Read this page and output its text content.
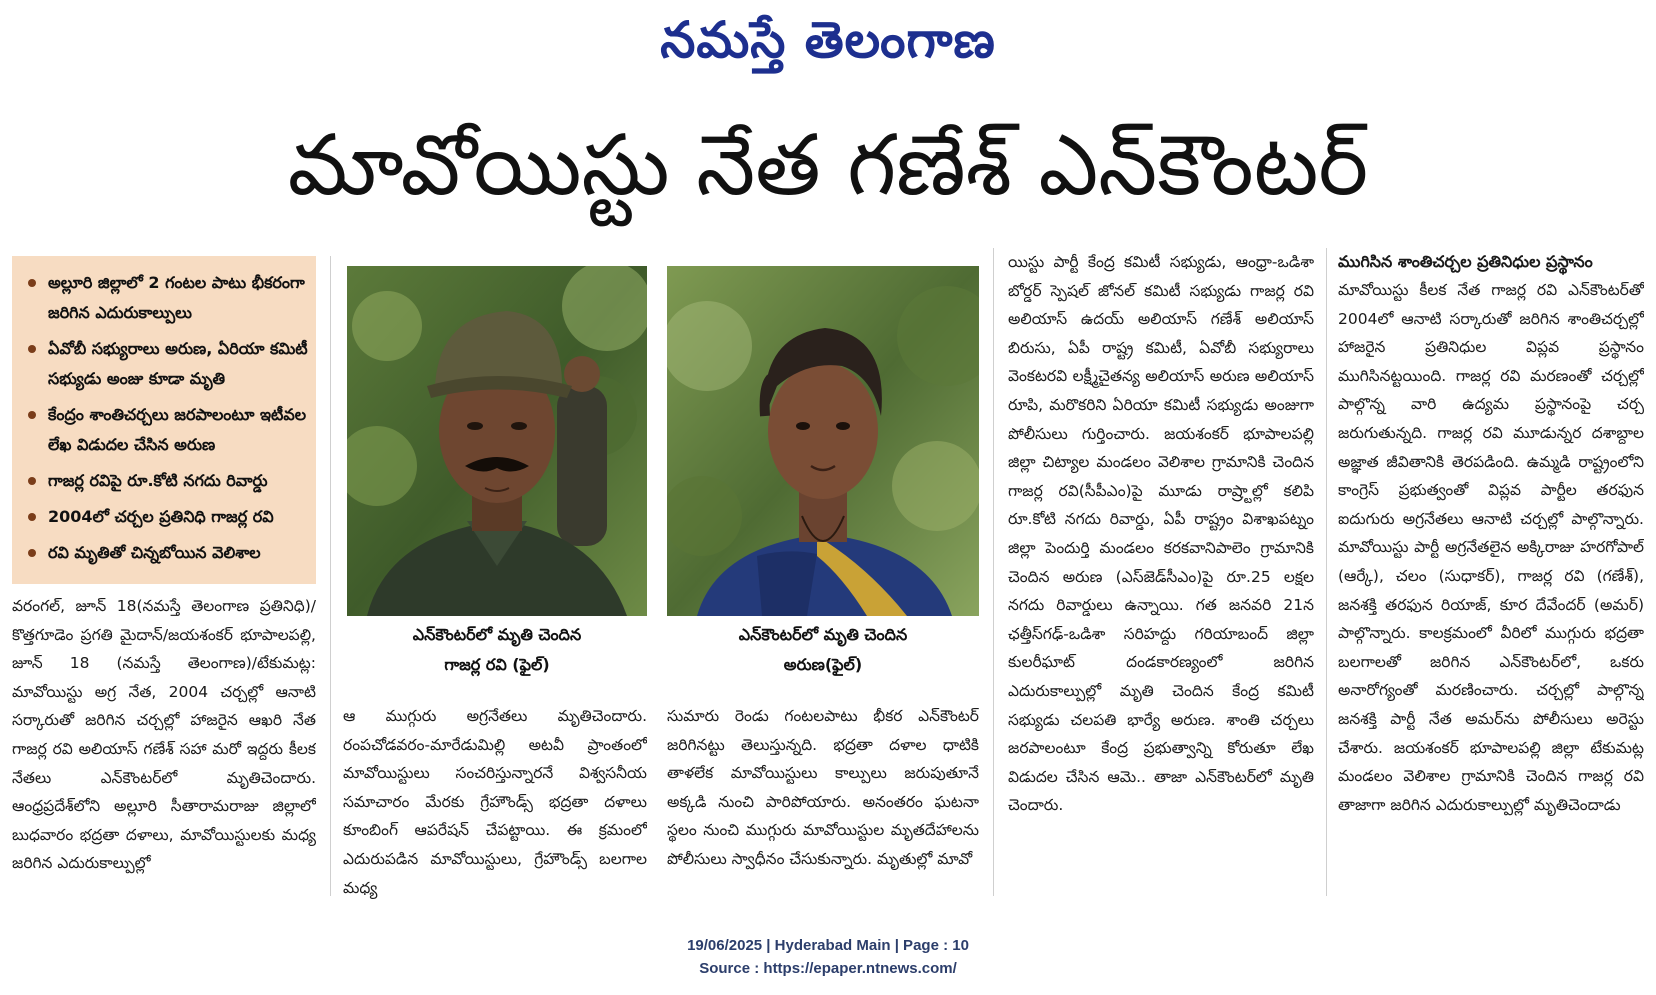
నమస్తే తెలంగాణ
మావోయిస్టు నేత గణేశ్‌ ఎన్‌కౌంటర్‌
అల్లూరి జిల్లాలో 2 గంటల పాటు భీకరంగా జరిగిన ఎదురుకాల్పులు
ఏవోబీ సభ్యురాలు అరుణ, ఏరియా కమిటీ సభ్యుడు అంజు కూడా మృతి
కేంద్రం శాంతిచర్చలు జరపాలంటూ ఇటీవల లేఖ విడుదల చేసిన అరుణ
గాజర్ల రవిపై రూ.కోటి నగదు రివార్డు
2004లో చర్చల ప్రతినిధి గాజర్ల రవి
రవి మృతితో చిన్నబోయిన వెలిశాల

వరంగల్‌, జూన్‌ 18(నమస్తే తెలంగాణ ప్రతినిధి)/కొత్తగూడెం ప్రగతి మైదాన్‌/జయశంకర్‌ భూపాలపల్లి, జూన్‌ 18 (నమస్తే తెలంగాణ)/టేకుమట్ల: మావోయిస్టు అగ్ర నేత, 2004 చర్చల్లో ఆనాటి సర్కారుతో జరిగిన చర్చల్లో హాజరైన ఆఖరి నేత గాజర్ల రవి అలియాస్‌ గణేశ్‌ సహా మరో ఇద్దరు కీలక నేతలు ఎన్‌కౌంటర్‌లో మృతిచెందారు. ఆంధ్రప్రదేశ్‌లోని అల్లూరి సీతారామరాజు జిల్లాలో బుధవారం భద్రతా దళాలు, మావోయిస్టులకు మధ్య జరిగిన ఎదురుకాల్పుల్లో

ఎన్‌కౌంటర్‌లో మృతి చెందిన
గాజర్ల రవి (ఫైల్‌)
ఎన్‌కౌంటర్‌లో మృతి చెందిన
అరుణ(ఫైల్‌)

ఆ ముగ్గురు అగ్రనేతలు మృతిచెందారు. రంపచోడవరం-మారేడుమిల్లి అటవీ ప్రాంతంలో మావోయిస్టులు సంచరిస్తున్నారనే విశ్వసనీయ సమాచారం మేరకు గ్రేహౌండ్స్‌ భద్రతా దళాలు కూంబింగ్‌ ఆపరేషన్‌ చేపట్టాయి. ఈ క్రమంలో ఎదురుపడిన మావోయిస్టులు, గ్రేహౌండ్స్‌ బలగాల మధ్య

సుమారు రెండు గంటలపాటు భీకర ఎన్‌కౌంటర్‌ జరిగినట్టు తెలుస్తున్నది. భద్రతా దళాల ధాటికి తాళలేక మావోయిస్టులు కాల్పులు జరుపుతూనే అక్కడి నుంచి పారిపోయారు. అనంతరం ఘటనా స్థలం నుంచి ముగ్గురు మావోయిస్టుల మృతదేహాలను పోలీసులు స్వాధీనం చేసుకున్నారు. మృతుల్లో మావో

యిస్టు పార్టీ కేంద్ర కమిటీ సభ్యుడు, ఆంధ్రా-ఒడిశా బోర్డర్‌ స్పెషల్‌ జోనల్‌ కమిటీ సభ్యుడు గాజర్ల రవి అలియాస్‌ ఉదయ్‌ అలియాస్‌ గణేశ్‌ అలియాస్‌ బిరుసు, ఏపీ రాష్ట్ర కమిటీ, ఏవోబీ సభ్యురాలు వెంకటరవి లక్ష్మీచైతన్య అలియాస్‌ అరుణ అలియాస్‌ రూపి, మరొకరిని ఏరియా కమిటీ సభ్యుడు అంజుగా పోలీసులు గుర్తించారు. జయశంకర్‌ భూపాలపల్లి జిల్లా చిట్యాల మండలం వెలిశాల గ్రామానికి చెందిన గాజర్ల రవి(సీపీఎం)పై మూడు రాష్ర్టాల్లో కలిపి రూ.కోటి నగదు రివార్డు, ఏపీ రాష్ట్రం విశాఖపట్నం జిల్లా పెందుర్తి మండలం కరకవానిపాలెం గ్రామానికి చెందిన అరుణ (ఎస్‌జెడ్‌సీఎం)పై రూ.25 లక్షల నగదు రివార్డులు ఉన్నాయి. గత జనవరి 21న ఛత్తీస్‌గఢ్‌-ఒడిశా సరిహద్దు గరియాబంద్‌ జిల్లా కులరీఘాట్‌ దండకారణ్యంలో జరిగిన ఎదురుకాల్పుల్లో మృతి చెందిన కేంద్ర కమిటీ సభ్యుడు చలపతి భార్యే అరుణ. శాంతి చర్చలు జరపాలంటూ కేంద్ర ప్రభుత్వాన్ని కోరుతూ లేఖ విడుదల చేసిన ఆమె.. తాజా ఎన్‌కౌంటర్‌లో మృతి చెందారు.

ముగిసిన శాంతిచర్చల ప్రతినిధుల ప్రస్థానం

మావోయిస్టు కీలక నేత గాజర్ల రవి ఎన్‌కౌంటర్‌తో 2004లో ఆనాటి సర్కారుతో జరిగిన శాంతిచర్చల్లో హాజరైన ప్రతినిధుల విప్లవ ప్రస్థానం ముగిసినట్టయింది. గాజర్ల రవి మరణంతో చర్చల్లో పాల్గొన్న వారి ఉద్యమ ప్రస్థానంపై చర్చ జరుగుతున్నది. గాజర్ల రవి మూడున్నర దశాబ్దాల అజ్ఞాత జీవితానికి తెరపడింది. ఉమ్మడి రాష్ట్రంలోని కాంగ్రెస్‌ ప్రభుత్వంతో విప్లవ పార్టీల తరఫున ఐదుగురు అగ్రనేతలు ఆనాటి చర్చల్లో పాల్గొన్నారు. మావోయిస్టు పార్టీ అగ్రనేతలైన అక్కిరాజు హరగోపాల్‌ (ఆర్కే), చలం (సుధాకర్‌), గాజర్ల రవి (గణేశ్‌), జనశక్తి తరఫున రియాజ్‌, కూర దేవేందర్‌ (అమర్‌) పాల్గొన్నారు. కాలక్రమంలో వీరిలో ముగ్గురు భద్రతా బలగాలతో జరిగిన ఎన్‌కౌంటర్‌లో, ఒకరు అనారోగ్యంతో మరణించారు. చర్చల్లో పాల్గొన్న జనశక్తి పార్టీ నేత అమర్‌ను పోలీసులు అరెస్టు చేశారు. జయశంకర్‌ భూపాలపల్లి జిల్లా టేకుమట్ల మండలం వెలిశాల గ్రామానికి చెందిన గాజర్ల రవి తాజాగా జరిగిన ఎదురుకాల్పుల్లో మృతిచెందాడు

19/06/2025 | Hyderabad Main | Page : 10
Source : https://epaper.ntnews.com/
